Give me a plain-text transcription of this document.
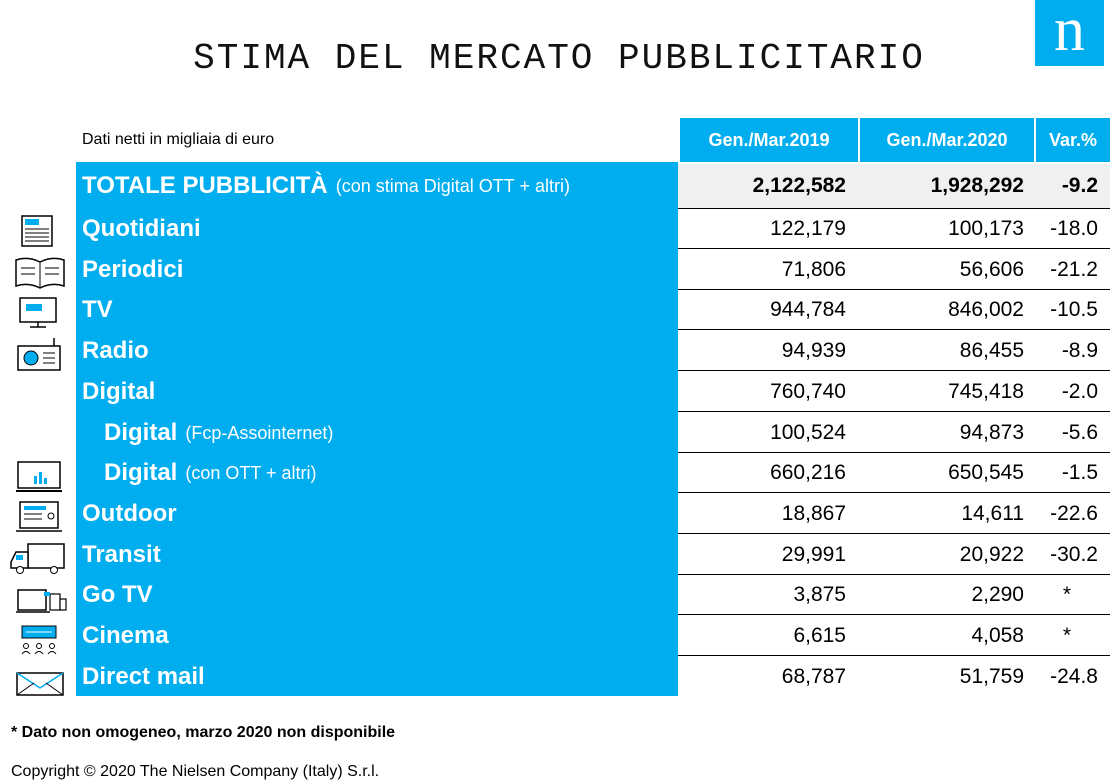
STIMA DEL MERCATO PUBBLICITARIO	n
Dati netti in migliaia di euro	Gen./Mar.2019	Gen./Mar.2020	Var.%
TOTALE PUBBLICITÀ (con stima Digital OTT + altri)	2,122,582	1,928,292	-9.2
Quotidiani	122,179	100,173	-18.0
Periodici	71,806	56,606	-21.2
TV	944,784	846,002	-10.5
Radio	94,939	86,455	-8.9
Digital	760,740	745,418	-2.0
Digital (Fcp-Assointernet)	100,524	94,873	-5.6
Digital (con OTT + altri)	660,216	650,545	-1.5
Outdoor	18,867	14,611	-22.6
Transit	29,991	20,922	-30.2
Go TV	3,875	2,290	*
Cinema	6,615	4,058	*
Direct mail	68,787	51,759	-24.8
* Dato non omogeneo, marzo 2020 non disponibile
Copyright © 2020 The Nielsen Company (Italy) S.r.l.
